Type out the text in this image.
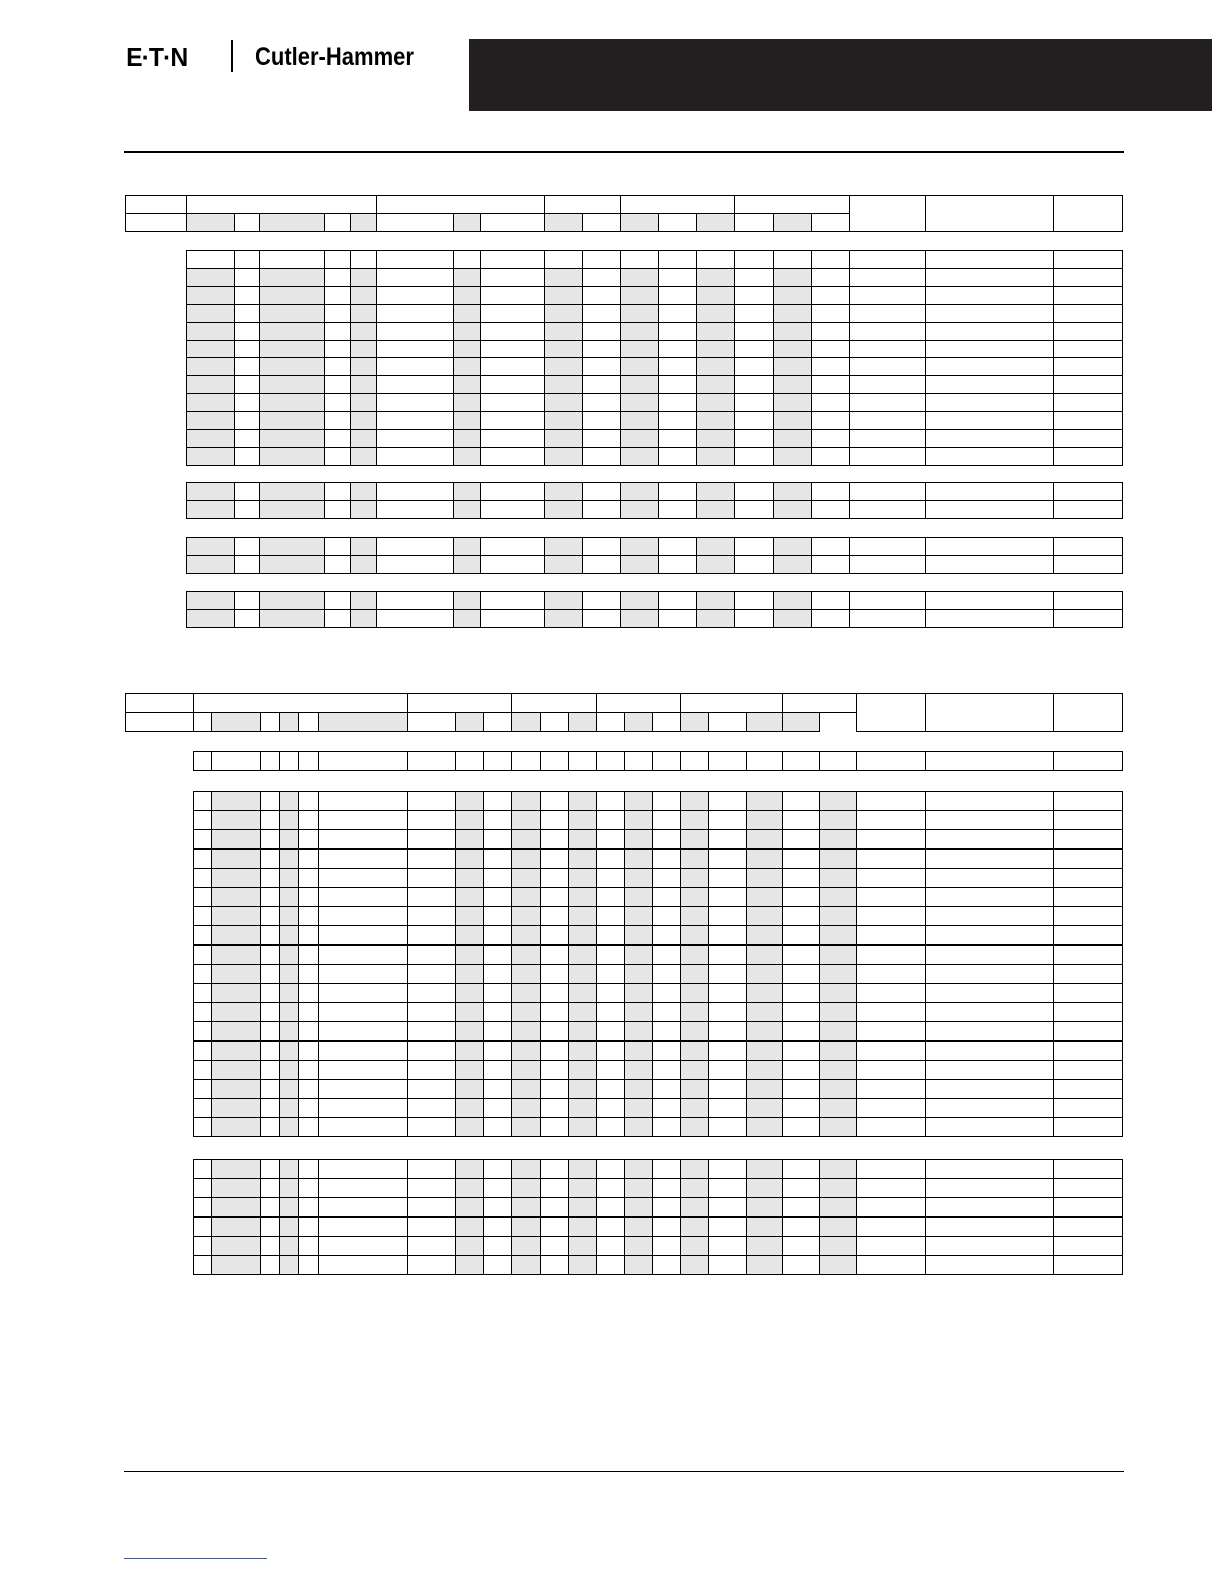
E·T·N	Cutler-Hammer
